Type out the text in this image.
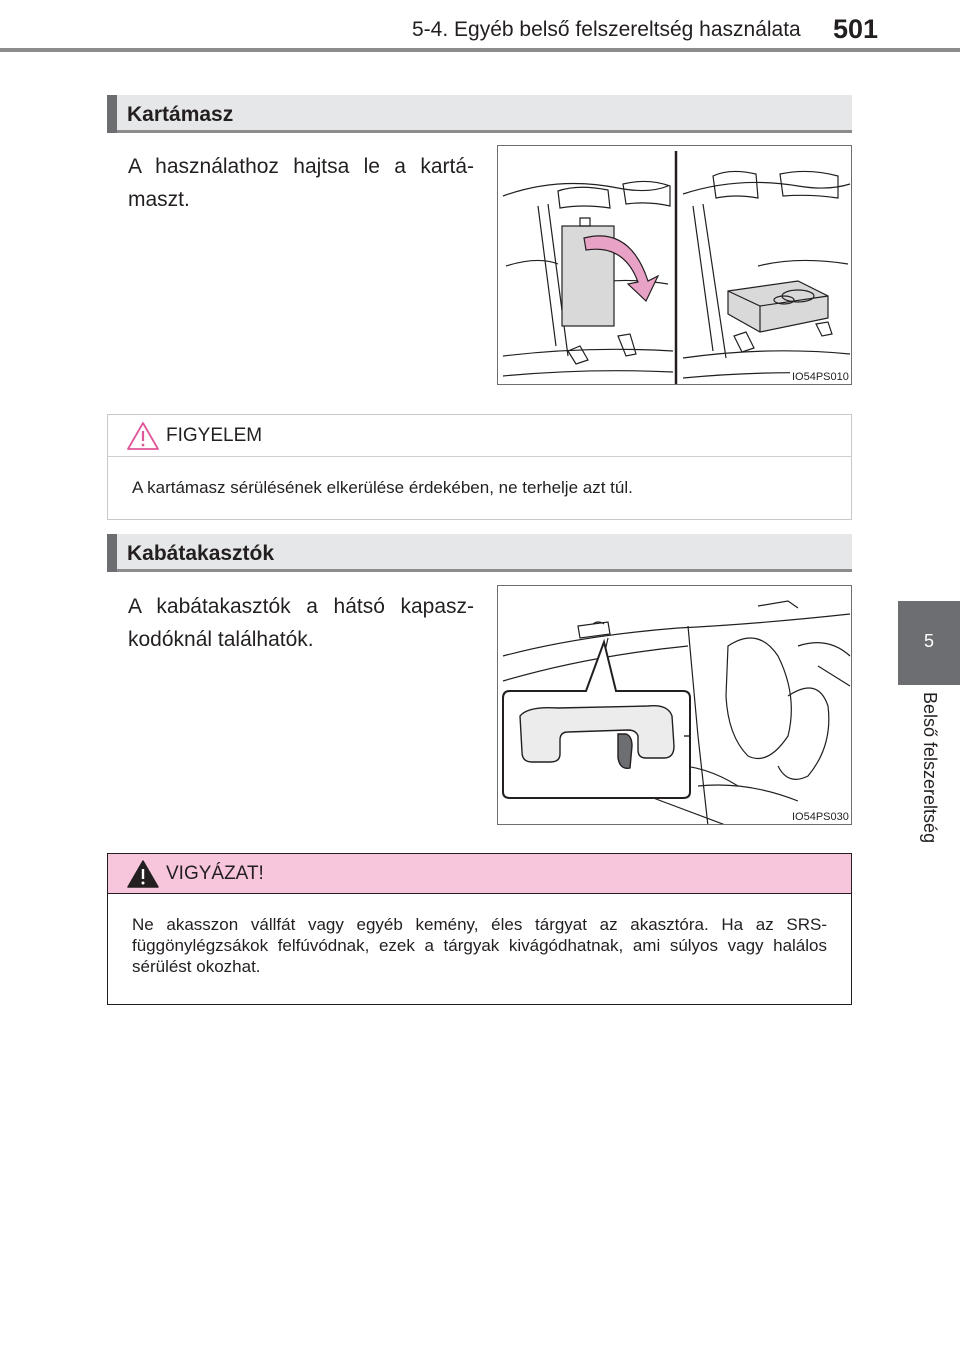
5-4. Egyéb belső felszereltség használata 501
5
Belső felszereltség
Kartámasz
A használathoz hajtsa le a kartá-maszt.
IO54PS010
FIGYELEM
A kartámasz sérülésének elkerülése érdekében, ne terhelje azt túl.
Kabátakasztók
A kabátakasztók a hátsó kapasz-kodóknál találhatók.
IO54PS030
VIGYÁZAT!
Ne akasszon vállfát vagy egyéb kemény, éles tárgyat az akasztóra. Ha az SRS-függönylégzsákok felfúvódnak, ezek a tárgyak kivágódhatnak, ami súlyos vagy halálos sérülést okozhat.
